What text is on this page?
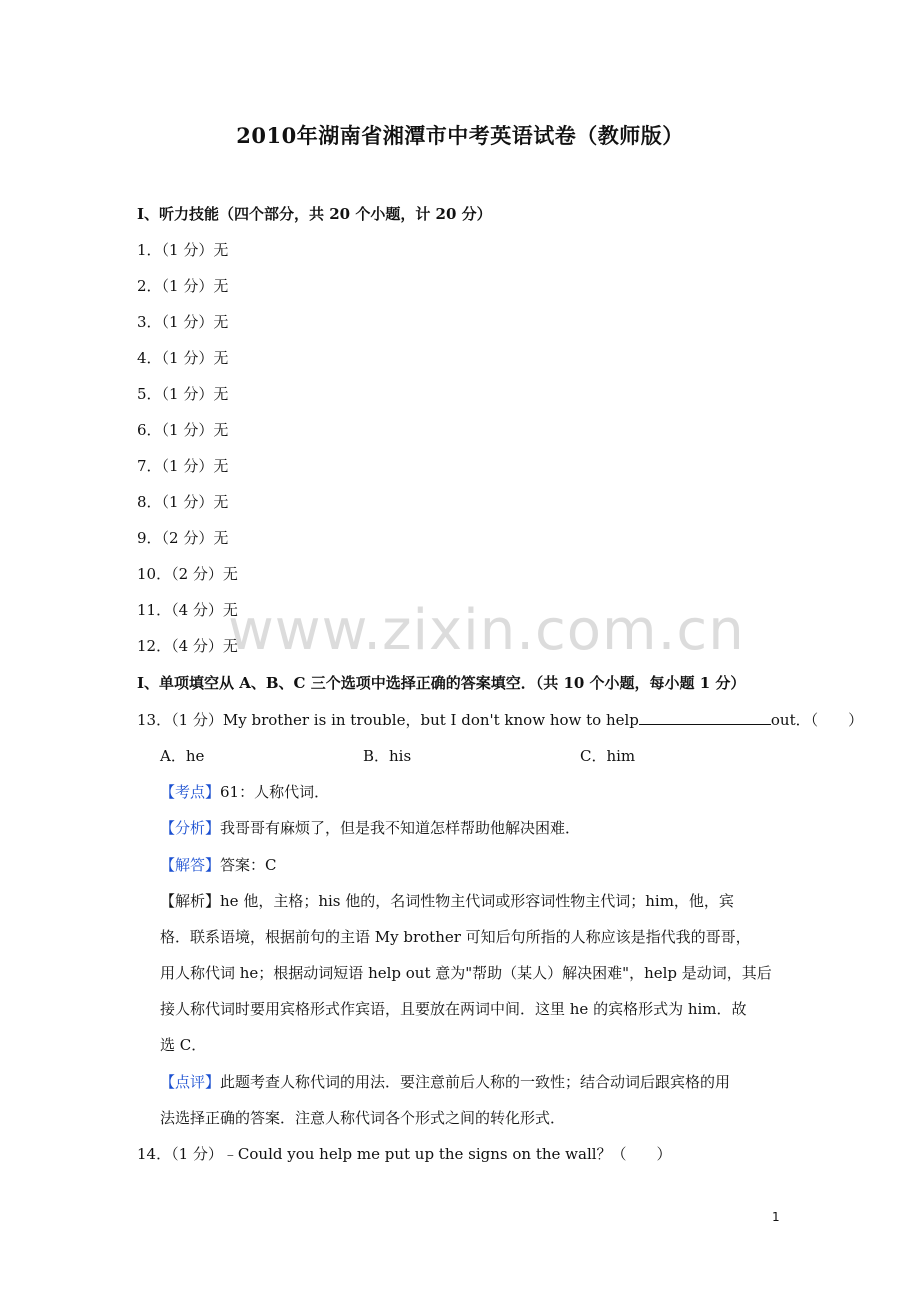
2010年湖南省湘潭市中考英语试卷（教师版）
I、听力技能（四个部分，共 20 个小题，计 20 分）
1．（1 分）无
2．（1 分）无
3．（1 分）无
4．（1 分）无
5．（1 分）无
6．（1 分）无
7．（1 分）无
8．（1 分）无
9．（2 分）无
10．（2 分）无
11．（4 分）无
12．（4 分）无
www.zixin.com.cn
I、单项填空从 A、B、C 三个选项中选择正确的答案填空．（共 10 个小题，每小题 1 分）
13．（1 分）My brother is in trouble，but I don't know how to help	out．（　　）
A．he	B．his	C．him
【考点】61：人称代词．
【分析】我哥哥有麻烦了，但是我不知道怎样帮助他解决困难．
【解答】答案：C
【解析】he 他，主格；his 他的，名词性物主代词或形容词性物主代词；him，他，宾
格．联系语境，根据前句的主语 My brother 可知后句所指的人称应该是指代我的哥哥，
用人称代词 he；根据动词短语 help out 意为"帮助（某人）解决困难"，help 是动词，其后
接人称代词时要用宾格形式作宾语，且要放在两词中间．这里 he 的宾格形式为 him．故
选 C．
【点评】此题考查人称代词的用法．要注意前后人称的一致性；结合动词后跟宾格的用
法选择正确的答案．注意人称代词各个形式之间的转化形式．
14．（1 分）﹣Could you help me put up the signs on the wall？（　　）
1
